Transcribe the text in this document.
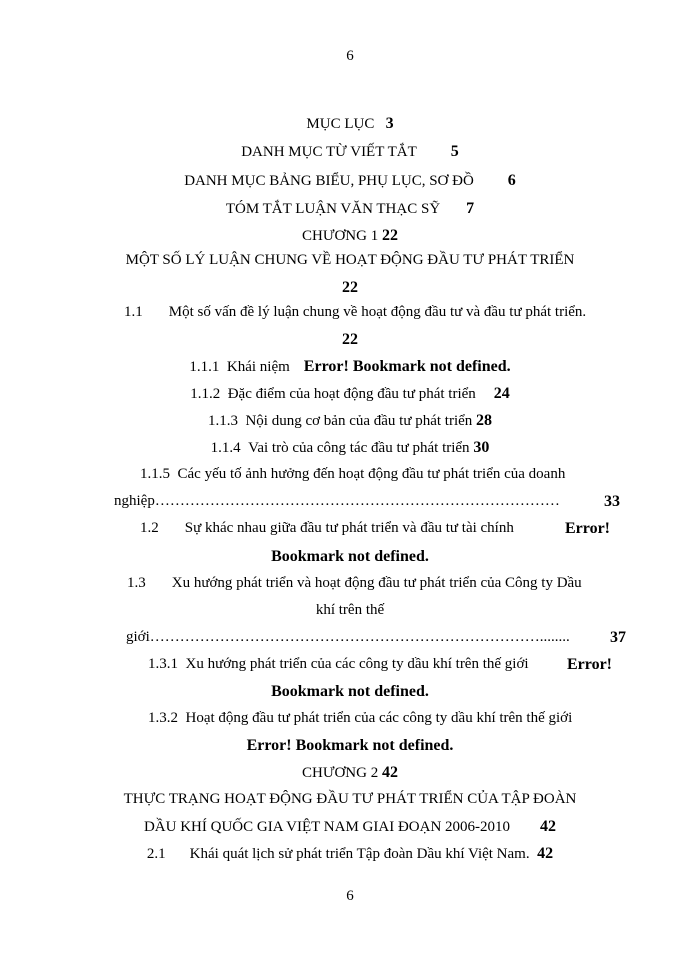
6
MỤC LỤC 3
DANH MỤC TỪ VIẾT TẮT 5
DANH MỤC BẢNG BIỂU, PHỤ LỤC, SƠ ĐỒ 6
TÓM TẮT LUẬN VĂN THẠC SỸ 7
CHƯƠNG 1 22
MỘT SỐ LÝ LUẬN CHUNG VỀ HOẠT ĐỘNG ĐẦU TƯ PHÁT TRIỂN
22
1.1 Một số vấn đề lý luận chung về hoạt động đầu tư và đầu tư phát triển.
22
1.1.1 Khái niệm Error! Bookmark not defined.
1.1.2 Đặc điểm của hoạt động đầu tư phát triển 24
1.1.3 Nội dung cơ bản của đầu tư phát triển 28
1.1.4 Vai trò của công tác đầu tư phát triển 30
1.1.5 Các yếu tố ảnh hưởng đến hoạt động đầu tư phát triển của doanh
nghiệp………………………………………………………………………	33
1.2 Sự khác nhau giữa đầu tư phát triển và đầu tư tài chính	Error!
Bookmark not defined.
1.3 Xu hướng phát triển và hoạt động đầu tư phát triển của Công ty Dầu
khí trên thế
giới……………………………………………………………………........	37
1.3.1 Xu hướng phát triển của các công ty dầu khí trên thế giới Error!
Bookmark not defined.
1.3.2 Hoạt động đầu tư phát triển của các công ty dầu khí trên thế giới
Error! Bookmark not defined.
CHƯƠNG 2 42
THỰC TRẠNG HOẠT ĐỘNG ĐẦU TƯ PHÁT TRIỂN CỦA TẬP ĐOÀN
DẦU KHÍ QUỐC GIA VIỆT NAM GIAI ĐOẠN 2006-2010 42
2.1 Khái quát lịch sử phát triển Tập đoàn Dầu khí Việt Nam. 42
6
